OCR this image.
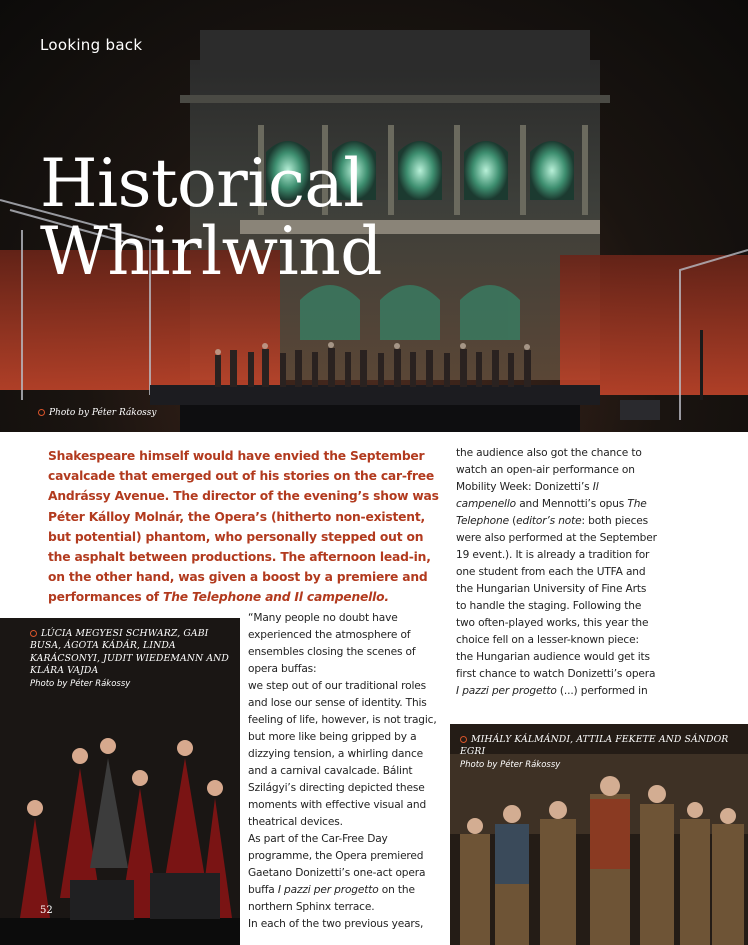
Looking back
Historical
Whirlwind
Photo by Péter Rákossy

Shakespeare himself would have envied the September cavalcade that emerged out of his stories on the car-free Andrássy Avenue. The director of the evening’s show was Péter Kálloy Molnár, the Opera’s (hitherto non-existent, but potential) phantom, who personally stepped out on the asphalt between productions. The afternoon lead-in, on the other hand, was given a boost by a premiere and performances of The Telephone and Il campenello.

LÚCIA MEGYESI SCHWARZ, GABI BUSA, ÁGOTA KÁDÁR, LINDA KARÁCSONYI, JUDIT WIEDEMANN AND KLÁRA VAJDA
Photo by Péter Rákossy
52

“Many people no doubt have experienced the atmosphere of ensembles closing the scenes of opera buffas:
we step out of our traditional roles and lose our sense of identity. This feeling of life, however, is not tragic, but more like being gripped by a dizzying tension, a whirling dance and a carnival cavalcade. Bálint Szilágyi’s directing depicted these moments with effective visual and theatrical devices.
As part of the Car-Free Day programme, the Opera premiered Gaetano Donizetti’s one-act opera buffa I pazzi per progetto on the northern Sphinx terrace.
In each of the two previous years,

the audience also got the chance to watch an open-air performance on Mobility Week: Donizetti’s Il campenello and Mennotti’s opus The Telephone (editor’s note: both pieces were also performed at the September 19 event.). It is already a tradition for one student from each the UTFA and the Hungarian University of Fine Arts to handle the staging. Following the two often-played works, this year the choice fell on a lesser-known piece:
the Hungarian audience would get its first chance to watch Donizetti’s opera I pazzi per progetto (...) performed in

MIHÁLY KÁLMÁNDI, ATTILA FEKETE AND SÁNDOR EGRI
Photo by Péter Rákossy
